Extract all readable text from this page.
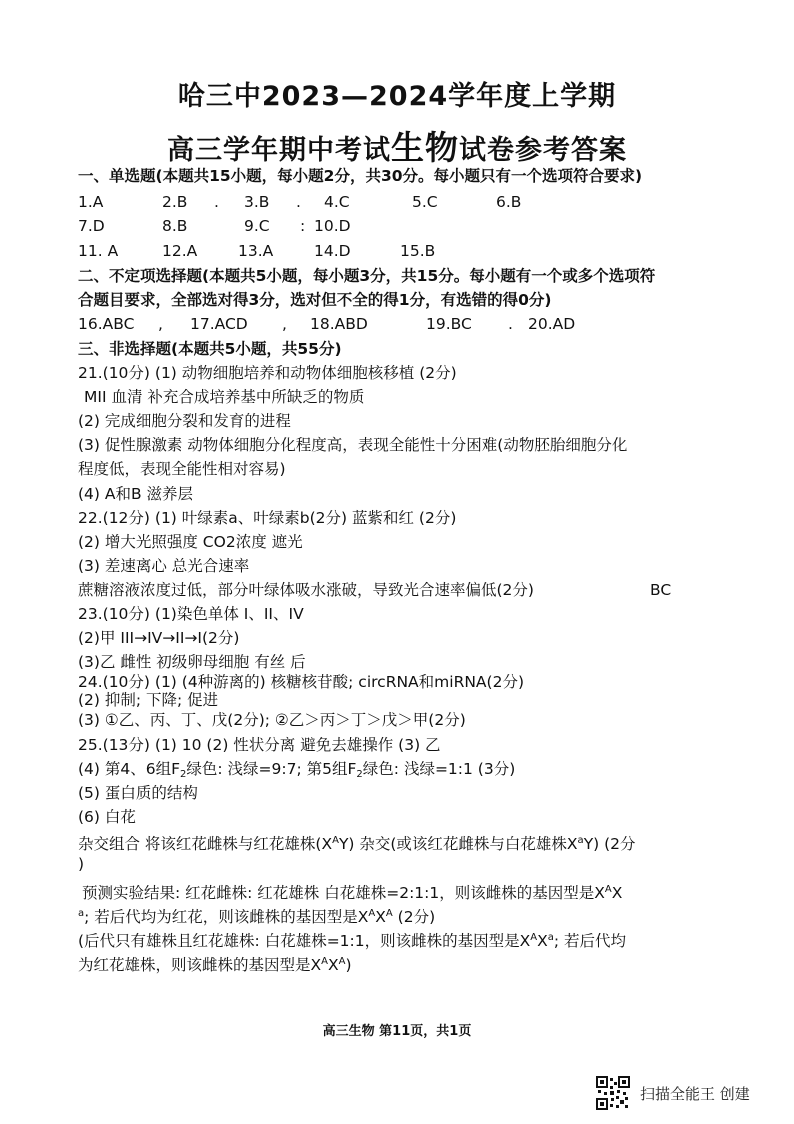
哈三中2023—2024学年度上学期
高三学年期中考试生物试卷参考答案
一、单选题(本题共15小题，每小题2分，共30分。每小题只有一个选项符合要求)
1.A	2.B . 3.B . 4.C	5.C	6.B
7.D	8.B	9.C : 10.D
11. A	12.A	13.A	14.D	15.B
二、不定项选择题(本题共5小题，每小题3分，共15分。每小题有一个或多个选项符
合题目要求，全部选对得3分，选对但不全的得1分，有选错的得0分)
16.ABC , 17.ACD , 18.ABD	19.BC . 20.AD
三、非选择题(本题共5小题，共55分)
21.(10分) (1) 动物细胞培养和动物体细胞核移植 (2分)
MII 血清 补充合成培养基中所缺乏的物质
(2) 完成细胞分裂和发育的进程
(3) 促性腺激素 动物体细胞分化程度高，表现全能性十分困难(动物胚胎细胞分化
程度低，表现全能性相对容易)
(4) A和B 滋养层
22.(12分) (1) 叶绿素a、叶绿素b(2分) 蓝紫和红 (2分)
(2) 增大光照强度 CO2浓度 遮光
(3) 差速离心 总光合速率
蔗糖溶液浓度过低，部分叶绿体吸水涨破，导致光合速率偏低(2分)	BC
23.(10分) (1)染色单体 I、II、IV
(2)甲 III→IV→II→I(2分)
(3)乙 雌性 初级卵母细胞 有丝 后
24.(10分) (1) (4种游离的) 核糖核苷酸; circRNA和miRNA(2分)
(2) 抑制; 下降; 促进
(3) ①乙、丙、丁、戊(2分); ②乙＞丙＞丁＞戊＞甲(2分)
25.(13分) (1) 10 (2) 性状分离 避免去雄操作 (3) 乙
(4) 第4、6组$F_2$绿色: 浅绿=9:7; 第5组$F_2$绿色: 浅绿=1:1 (3分)
(5) 蛋白质的结构
(6) 白花
杂交组合 将该红花雌株与红花雄株$(X^AY)$ 杂交(或该红花雌株与白花雄株$X^aY$) (2分
)
预测实验结果: 红花雌株: 红花雄株 白花雄株=2:1:1，则该雌株的基因型是$X^AX$
$^a$; 若后代均为红花，则该雌株的基因型是$X^AX^A$ (2分)
(后代只有雄株且红花雄株: 白花雄株=1:1，则该雌株的基因型是$X^AX^a$; 若后代均
为红花雄株，则该雌株的基因型是$X^AX^A$)
高三生物 第11页，共1页
扫描全能王 创建
